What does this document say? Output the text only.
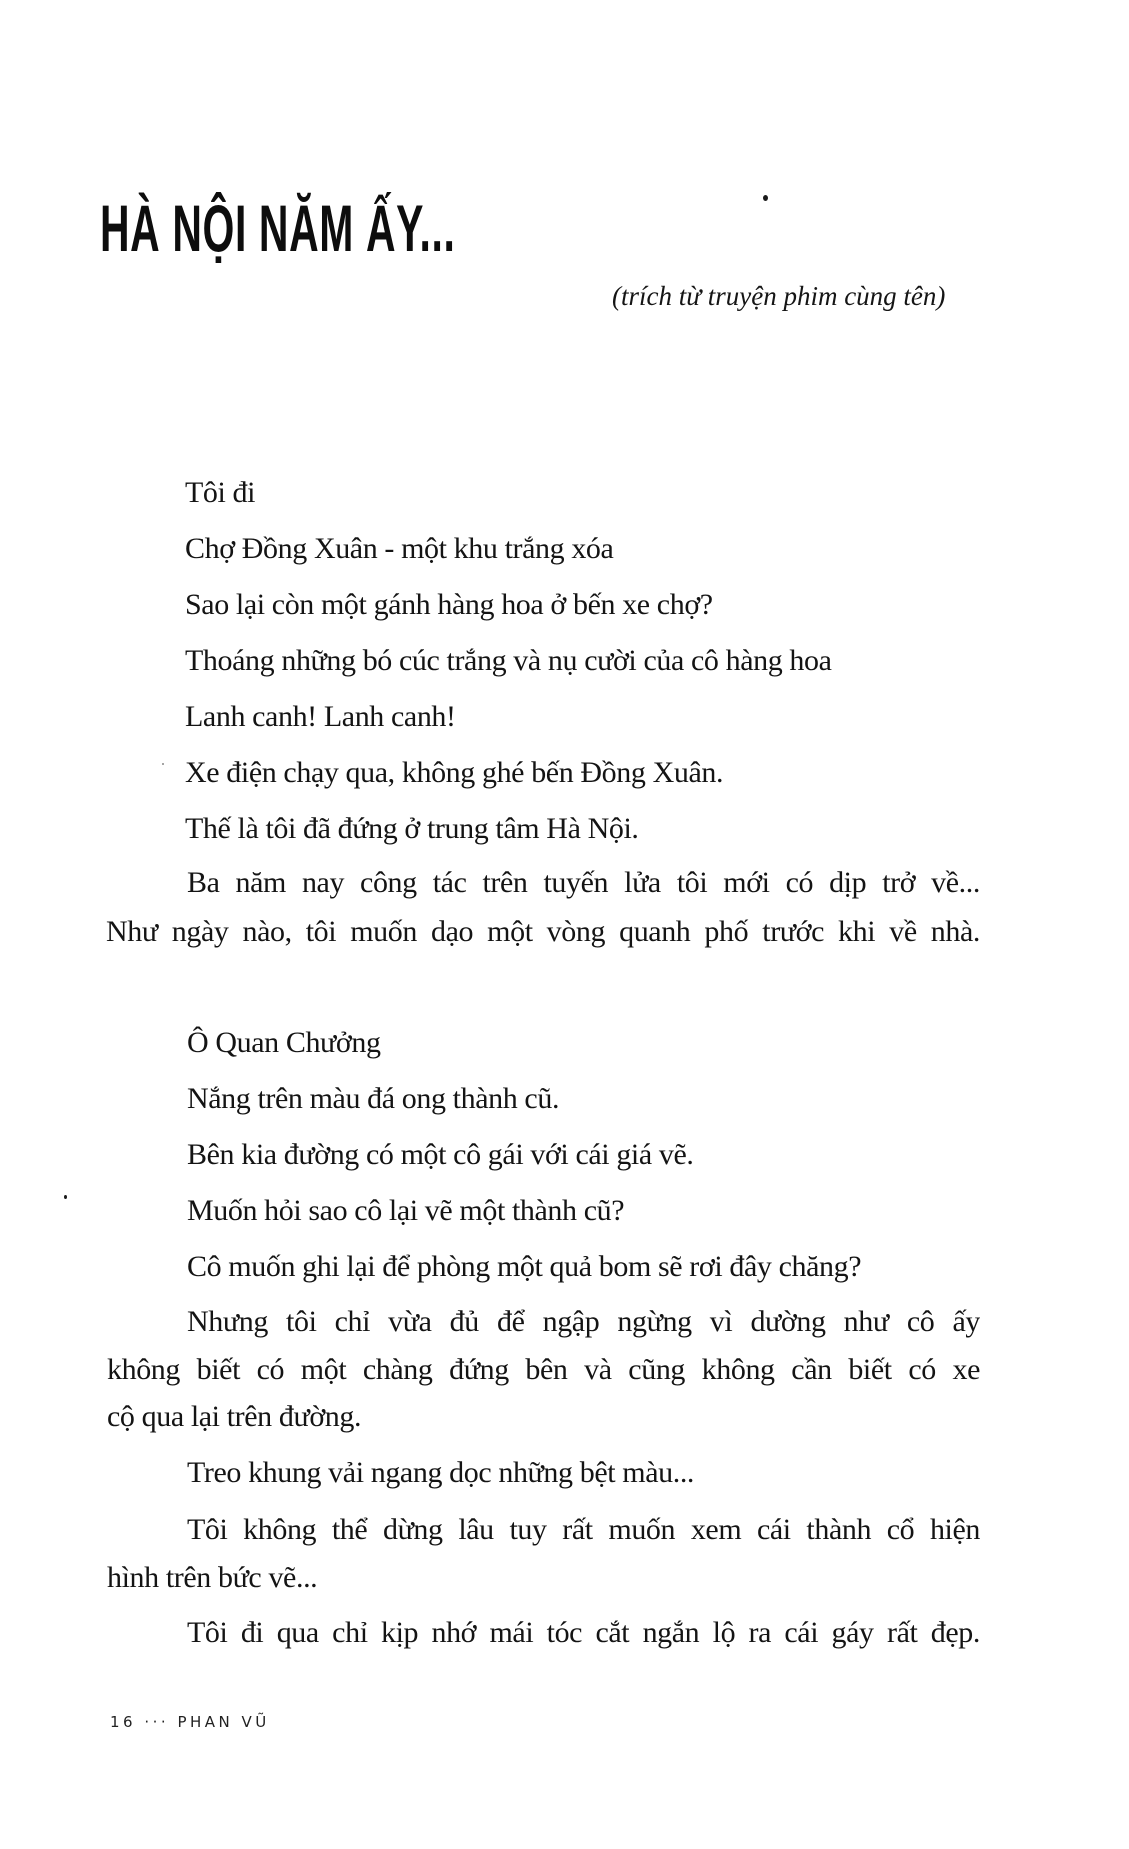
HÀ NỘI NĂM ẤY...
(trích từ truyện phim cùng tên)
Tôi đi
Chợ Đồng Xuân - một khu trắng xóa
Sao lại còn một gánh hàng hoa ở bến xe chợ?
Thoáng những bó cúc trắng và nụ cười của cô hàng hoa
Lanh canh! Lanh canh!
Xe điện chạy qua, không ghé bến Đồng Xuân.
Thế là tôi đã đứng ở trung tâm Hà Nội.
Ba năm nay công tác trên tuyến lửa tôi mới có dịp trở về...
Như ngày nào, tôi muốn dạo một vòng quanh phố trước khi về nhà.
Ô Quan Chưởng
Nắng trên màu đá ong thành cũ.
Bên kia đường có một cô gái với cái giá vẽ.
Muốn hỏi sao cô lại vẽ một thành cũ?
Cô muốn ghi lại để phòng một quả bom sẽ rơi đây chăng?
Nhưng tôi chỉ vừa đủ để ngập ngừng vì dường như cô ấy
không biết có một chàng đứng bên và cũng không cần biết có xe
cộ qua lại trên đường.
Treo khung vải ngang dọc những bệt màu...
Tôi không thể dừng lâu tuy rất muốn xem cái thành cổ hiện
hình trên bức vẽ...
Tôi đi qua chỉ kịp nhớ mái tóc cắt ngắn lộ ra cái gáy rất đẹp.
16 ··· PHAN VŨ
